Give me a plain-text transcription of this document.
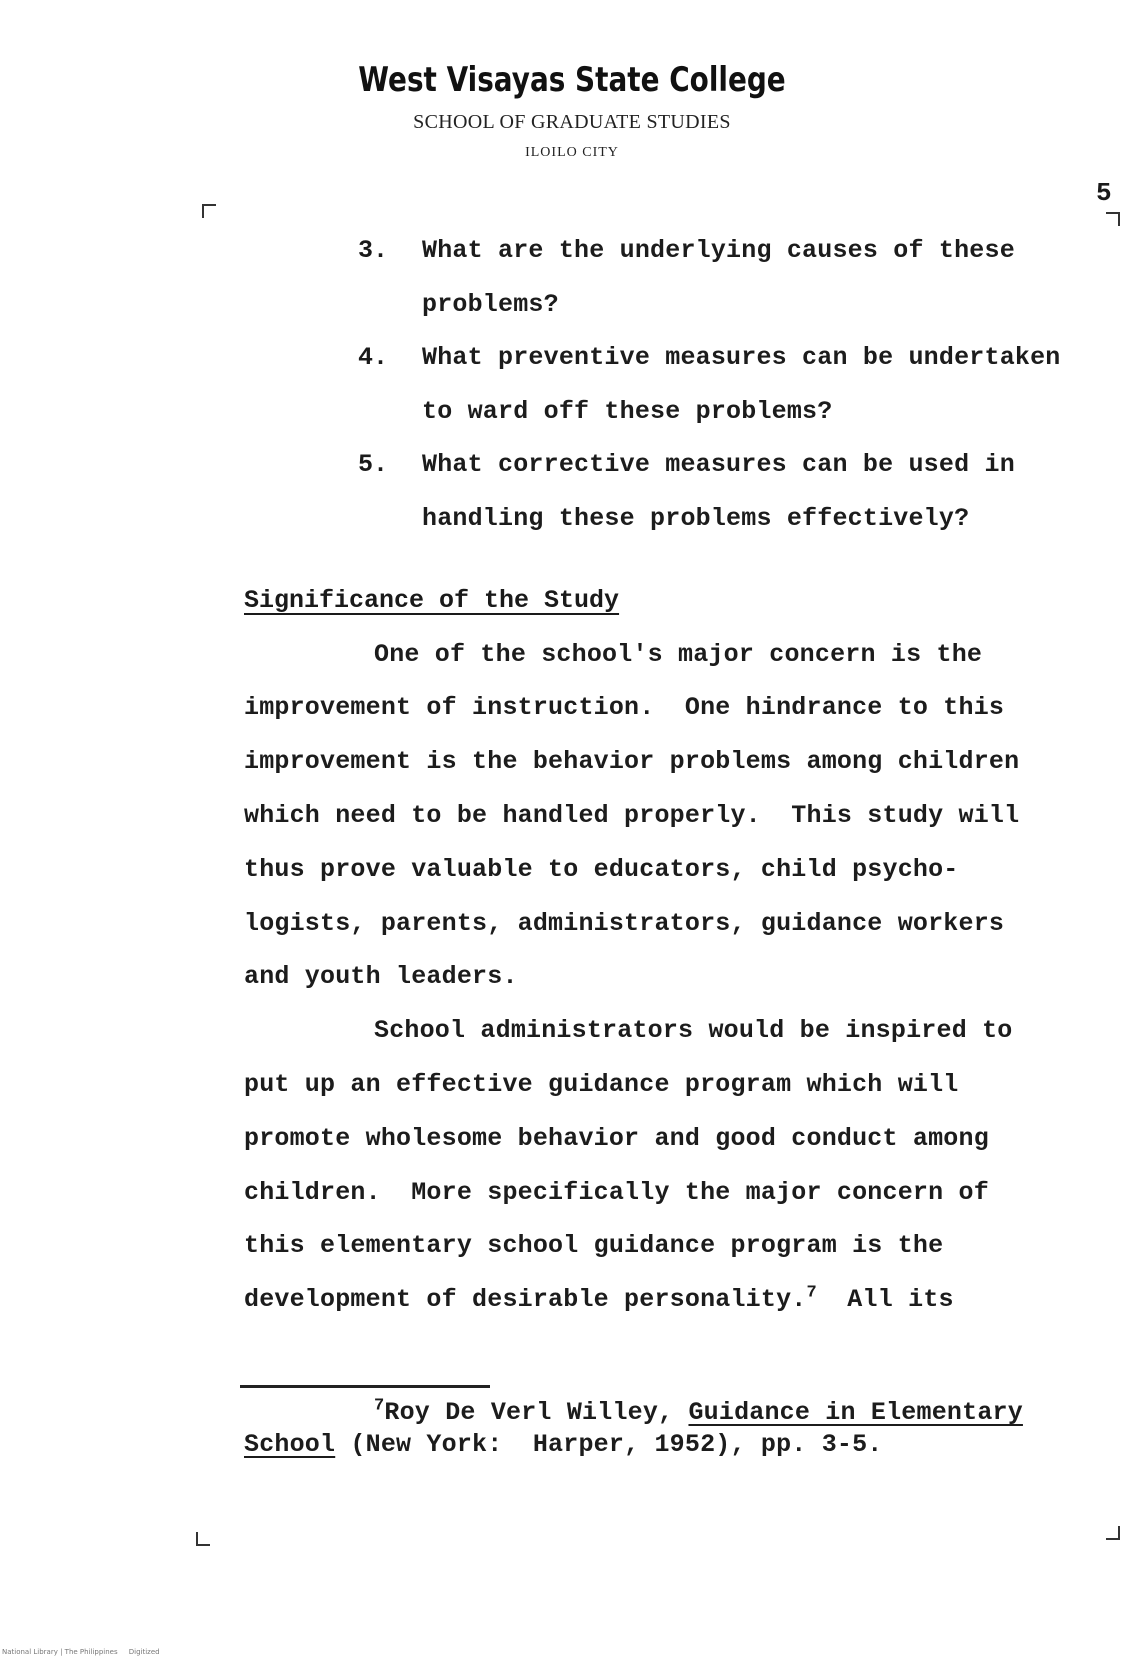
West Visayas State College
SCHOOL OF GRADUATE STUDIES
ILOILO CITY
5
3. What are the underlying causes of these
problems?
4. What preventive measures can be undertaken
to ward off these problems?
5. What corrective measures can be used in
handling these problems effectively?
Significance of the Study
One of the school's major concern is the
improvement of instruction.  One hindrance to this
improvement is the behavior problems among children
which need to be handled properly.  This study will
thus prove valuable to educators, child psycho-
logists, parents, administrators, guidance workers
and youth leaders.
School administrators would be inspired to
put up an effective guidance program which will
promote wholesome behavior and good conduct among
children.  More specifically the major concern of
this elementary school guidance program is the
development of desirable personality.$^7$  All its
$^7$Roy De Verl Willey, Guidance in Elementary
School (New York:  Harper, 1952), pp. 3-5.
National Library | The Philippines     Digitized
